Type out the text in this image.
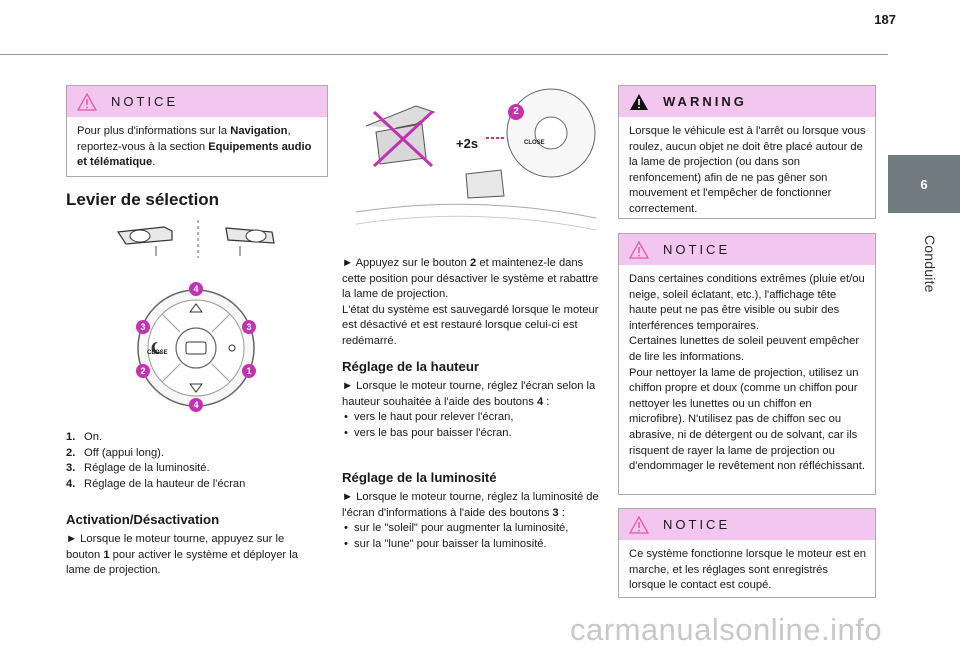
187
6
Conduite
NOTICE
Pour plus d'informations sur la Navigation, reportez-vous à la section Equipements audio et télématique.
Levier de sélection
CLOSE
4
3	3
2	1
4
1. On.
2. Off (appui long).
3. Réglage de la luminosité.
4. Réglage de la hauteur de l'écran
Activation/Désactivation
► Lorsque le moteur tourne, appuyez sur le bouton 1 pour activer le système et déployer la lame de projection.
+2s
2
CLOSE
► Appuyez sur le bouton 2 et maintenez-le dans cette position pour désactiver le système et rabattre la lame de projection.
L'état du système est sauvegardé lorsque le moteur est désactivé et est restauré lorsque celui-ci est redémarré.
Réglage de la hauteur
► Lorsque le moteur tourne, réglez l'écran selon la hauteur souhaitée à l'aide des boutons 4 :
• vers le haut pour relever l'écran,
• vers le bas pour baisser l'écran.
Réglage de la luminosité
► Lorsque le moteur tourne, réglez la luminosité de l'écran d'informations à l'aide des boutons 3 :
• sur le "soleil" pour augmenter la luminosité,
• sur la "lune" pour baisser la luminosité.
WARNING
Lorsque le véhicule est à l'arrêt ou lorsque vous roulez, aucun objet ne doit être placé autour de la lame de projection (ou dans son renfoncement) afin de ne pas gêner son mouvement et l'empêcher de fonctionner correctement.
NOTICE
Dans certaines conditions extrêmes (pluie et/ou neige, soleil éclatant, etc.), l'affichage tête haute peut ne pas être visible ou subir des interférences temporaires.
Certaines lunettes de soleil peuvent empêcher de lire les informations.
Pour nettoyer la lame de projection, utilisez un chiffon propre et doux (comme un chiffon pour nettoyer les lunettes ou un chiffon en microfibre). N'utilisez pas de chiffon sec ou abrasive, ni de détergent ou de solvant, car ils risquent de rayer la lame de projection ou d'endommager le revêtement non réfléchissant.
NOTICE
Ce système fonctionne lorsque le moteur est en marche, et les réglages sont enregistrés lorsque le contact est coupé.
carmanualsonline.info
